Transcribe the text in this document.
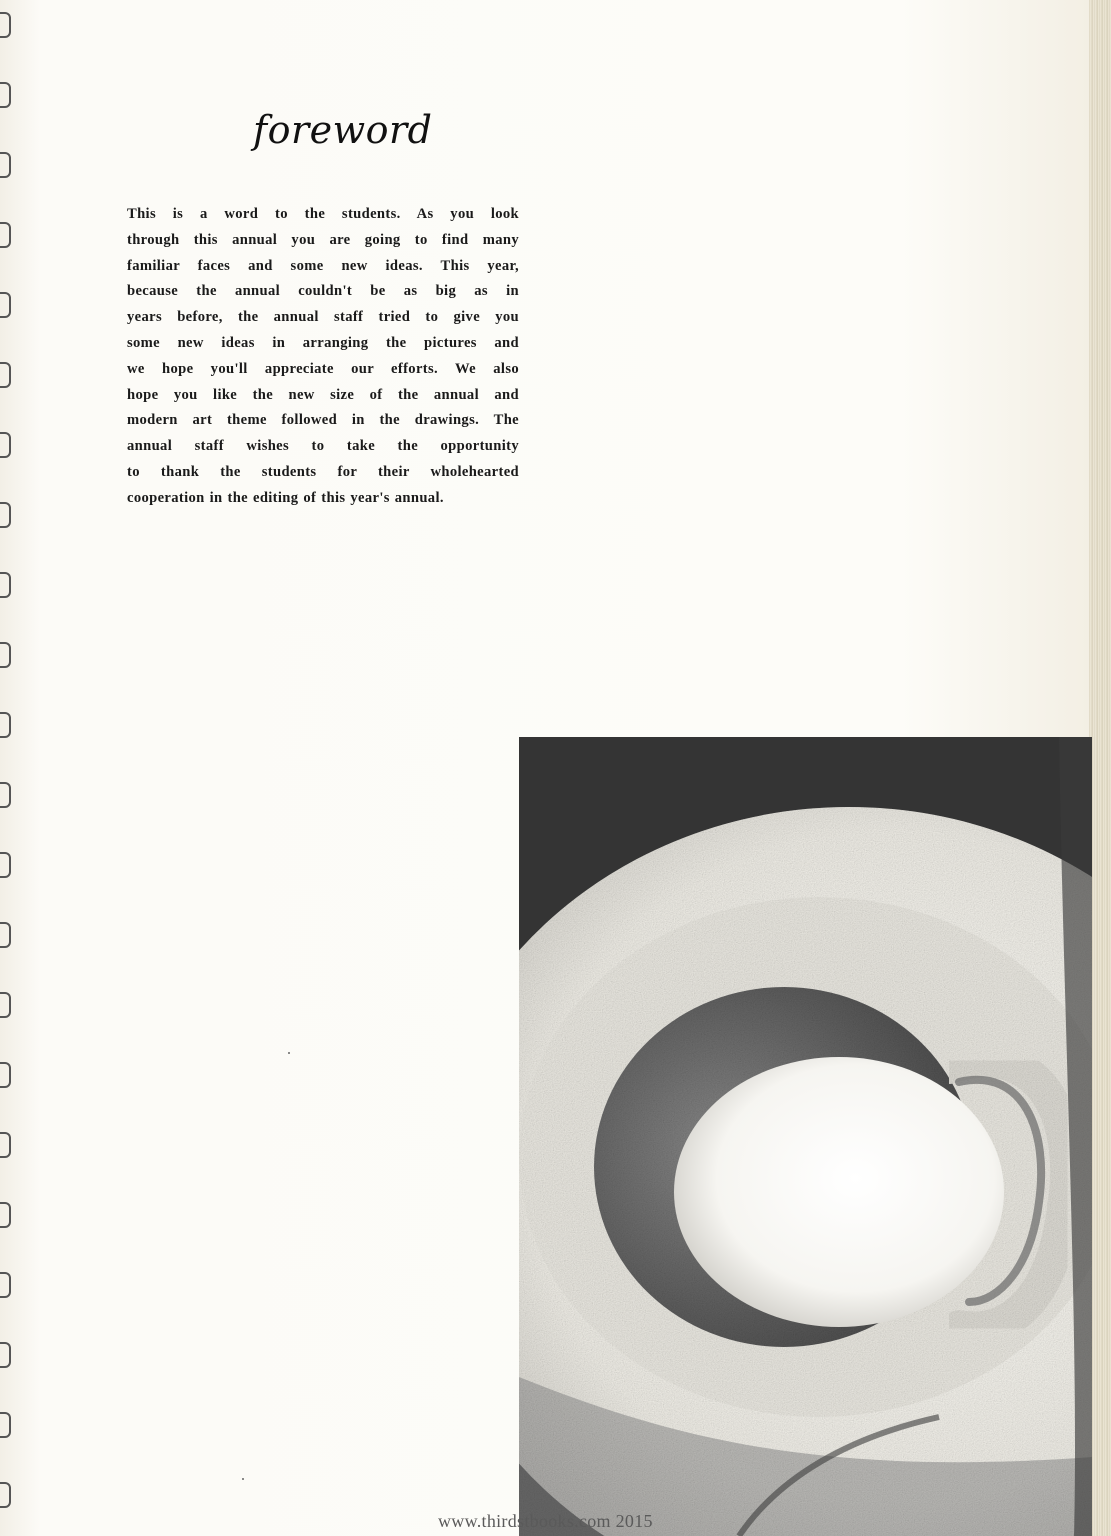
foreword
This is a word to the students. As you look
through this annual you are going to find many
familiar faces and some new ideas. This year,
because the annual couldn't be as big as in
years before, the annual staff tried to give you
some new ideas in arranging the pictures and
we hope you'll appreciate our efforts. We also
hope you like the new size of the annual and
modern art theme followed in the drawings. The
annual staff wishes to take the opportunity
to thank the students for their wholehearted
cooperation in the editing of this year's annual.
www.thirdstbooks.com 2015
